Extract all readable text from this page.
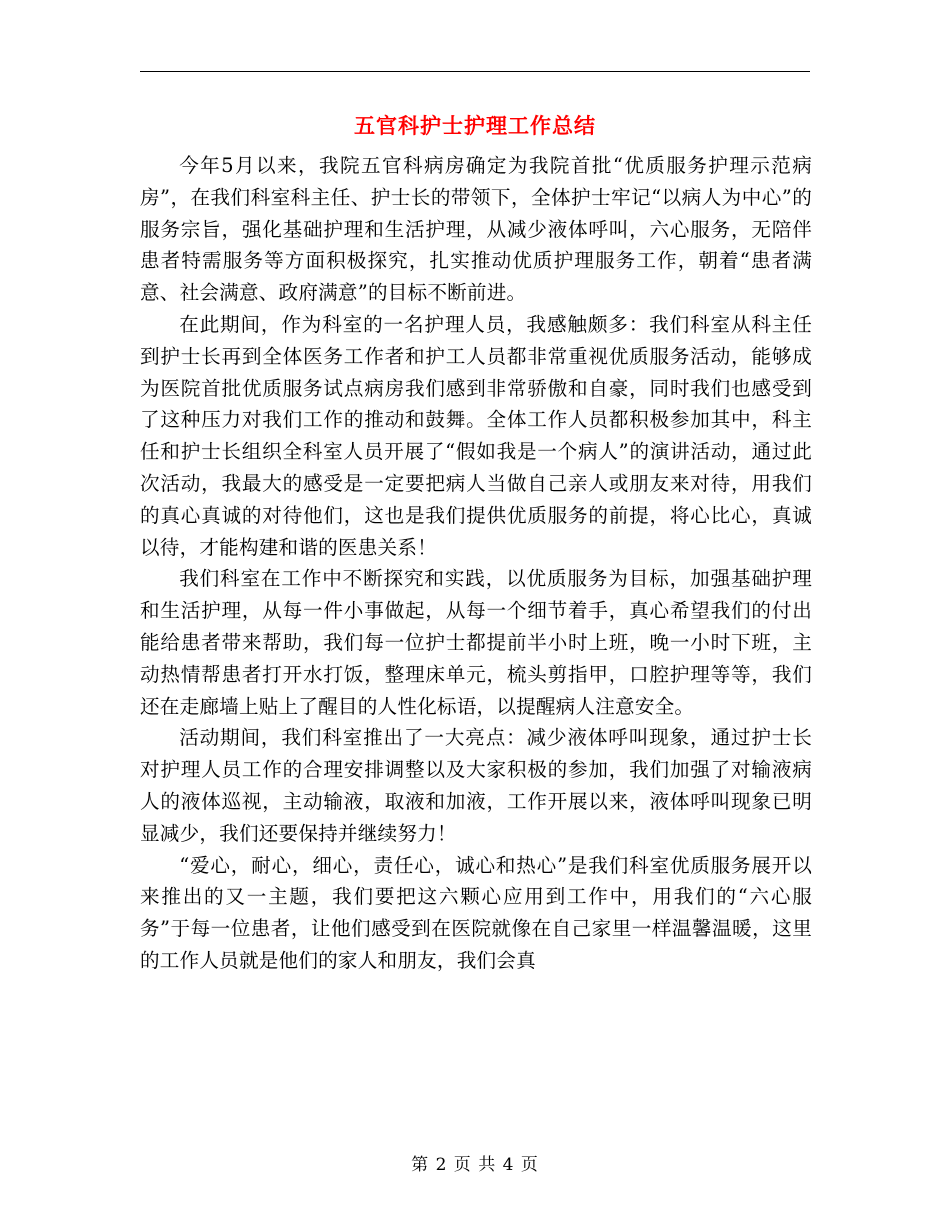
五官科护士护理工作总结

今年5月以来，我院五官科病房确定为我院首批“优质服务护理示范病房”，在我们科室科主任、护士长的带领下，全体护士牢记“以病人为中心”的服务宗旨，强化基础护理和生活护理，从减少液体呼叫，六心服务，无陪伴患者特需服务等方面积极探究，扎实推动优质护理服务工作，朝着“患者满意、社会满意、政府满意”的目标不断前进。

在此期间，作为科室的一名护理人员，我感触颇多：我们科室从科主任到护士长再到全体医务工作者和护工人员都非常重视优质服务活动，能够成为医院首批优质服务试点病房我们感到非常骄傲和自豪，同时我们也感受到了这种压力对我们工作的推动和鼓舞。全体工作人员都积极参加其中，科主任和护士长组织全科室人员开展了“假如我是一个病人”的演讲活动，通过此次活动，我最大的感受是一定要把病人当做自己亲人或朋友来对待，用我们的真心真诚的对待他们，这也是我们提供优质服务的前提，将心比心，真诚以待，才能构建和谐的医患关系！

我们科室在工作中不断探究和实践，以优质服务为目标，加强基础护理和生活护理，从每一件小事做起，从每一个细节着手，真心希望我们的付出能给患者带来帮助，我们每一位护士都提前半小时上班，晚一小时下班，主动热情帮患者打开水打饭，整理床单元，梳头剪指甲，口腔护理等等，我们还在走廊墙上贴上了醒目的人性化标语，以提醒病人注意安全。

活动期间，我们科室推出了一大亮点：减少液体呼叫现象，通过护士长对护理人员工作的合理安排调整以及大家积极的参加，我们加强了对输液病人的液体巡视，主动输液，取液和加液，工作开展以来，液体呼叫现象已明显减少，我们还要保持并继续努力！

“爱心，耐心，细心，责任心，诚心和热心”是我们科室优质服务展开以来推出的又一主题，我们要把这六颗心应用到工作中，用我们的“六心服务”于每一位患者，让他们感受到在医院就像在自己家里一样温馨温暖，这里的工作人员就是他们的家人和朋友，我们会真

第 2 页 共 4 页
